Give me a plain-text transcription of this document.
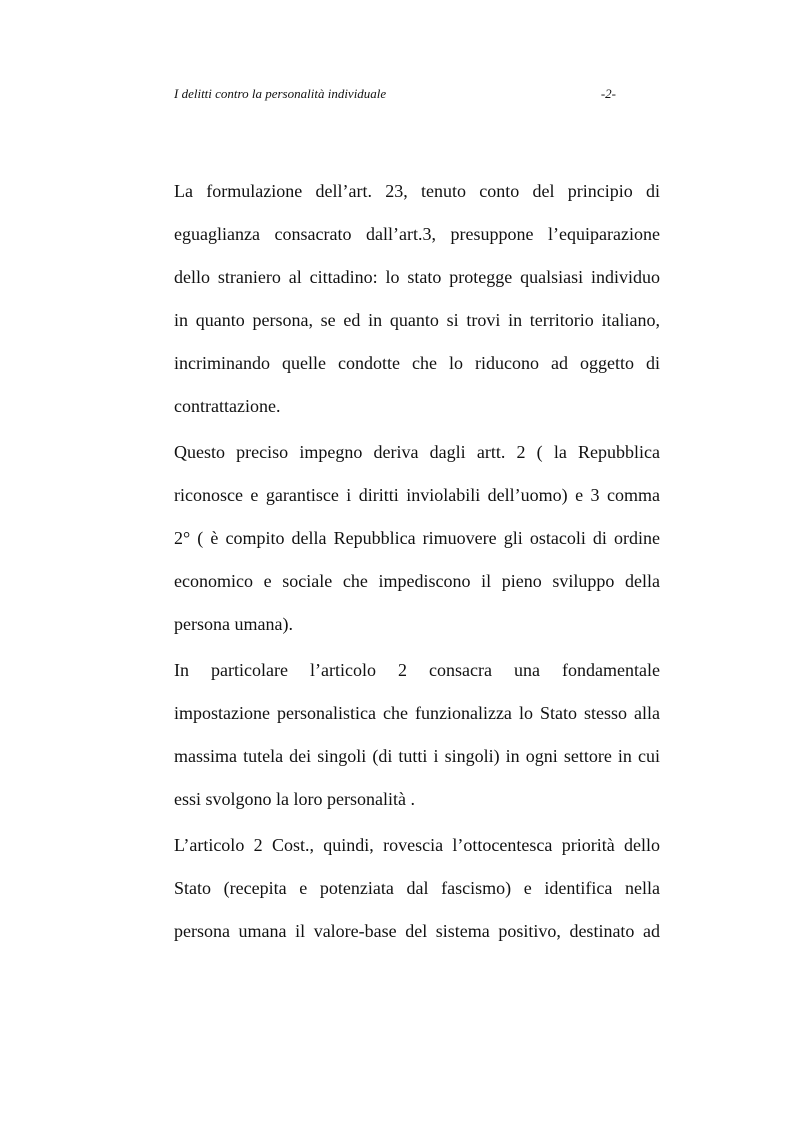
I delitti contro la personalità individuale	-2-
La formulazione dell’art. 23, tenuto conto del principio di
eguaglianza consacrato dall’art.3, presuppone l’equiparazione
dello straniero al cittadino: lo stato protegge qualsiasi individuo
in quanto persona, se ed in quanto si trovi in territorio italiano,
incriminando quelle condotte che lo riducono ad oggetto di
contrattazione.
Questo preciso impegno deriva dagli artt. 2 ( la Repubblica
riconosce e garantisce i diritti inviolabili dell’uomo) e 3 comma
2° ( è compito della Repubblica rimuovere gli ostacoli di ordine
economico e sociale che impediscono il pieno sviluppo della
persona umana).
In particolare l’articolo 2 consacra una fondamentale
impostazione personalistica che funzionalizza lo Stato stesso alla
massima tutela dei singoli (di tutti i singoli) in ogni settore in cui
essi svolgono la loro personalità .
L’articolo 2 Cost., quindi, rovescia l’ottocentesca priorità dello
Stato (recepita e potenziata dal fascismo) e identifica nella
persona umana il valore-base del sistema positivo, destinato ad
